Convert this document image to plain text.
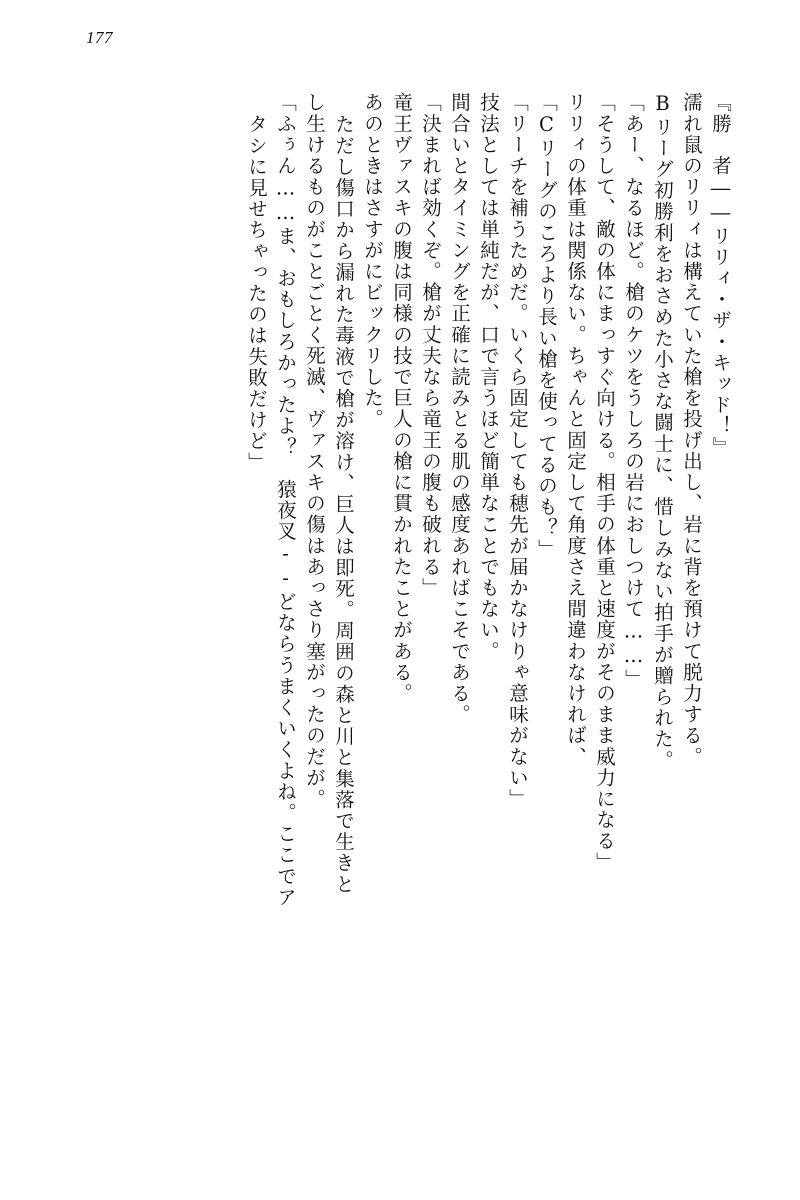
177
『勝　者――リリィ・ザ・キッド！』
濡れ鼠のリリィは構えていた槍を投げ出し、岩に背を預けて脱力する。
Bリーグ初勝利をおさめた小さな闘士に、惜しみない拍手が贈られた。
「あー、なるほど。槍のケツをうしろの岩におしつけて……」
「そうして、敵の体にまっすぐ向ける。相手の体重と速度がそのまま威力になる」
リリィの体重は関係ない。ちゃんと固定して角度さえ間違わなければ、
「Cリーグのころより長い槍を使ってるのも？」
「リーチを補うためだ。いくら固定しても穂先が届かなけりゃ意味がない」
技法としては単純だが、口で言うほど簡単なことでもない。
間合いとタイミングを正確に読みとる肌の感度あればこそである。
「決まれば効くぞ。槍が丈夫なら竜王の腹も破れる」
竜王ヴァスキの腹は同様の技で巨人の槍に貫かれたことがある。
あのときはさすがにビックリした。
ただし傷口から漏れた毒液で槍が溶け、巨人は即死。周囲の森と川と集落で生きと
し生けるものがことごとく死滅、ヴァスキの傷はあっさり塞がったのだが。
「ふぅん……ま、おもしろかったよ？　猿夜叉‐‐どならうまくいくよね。ここでア
タシに見せちゃったのは失敗だけど」
